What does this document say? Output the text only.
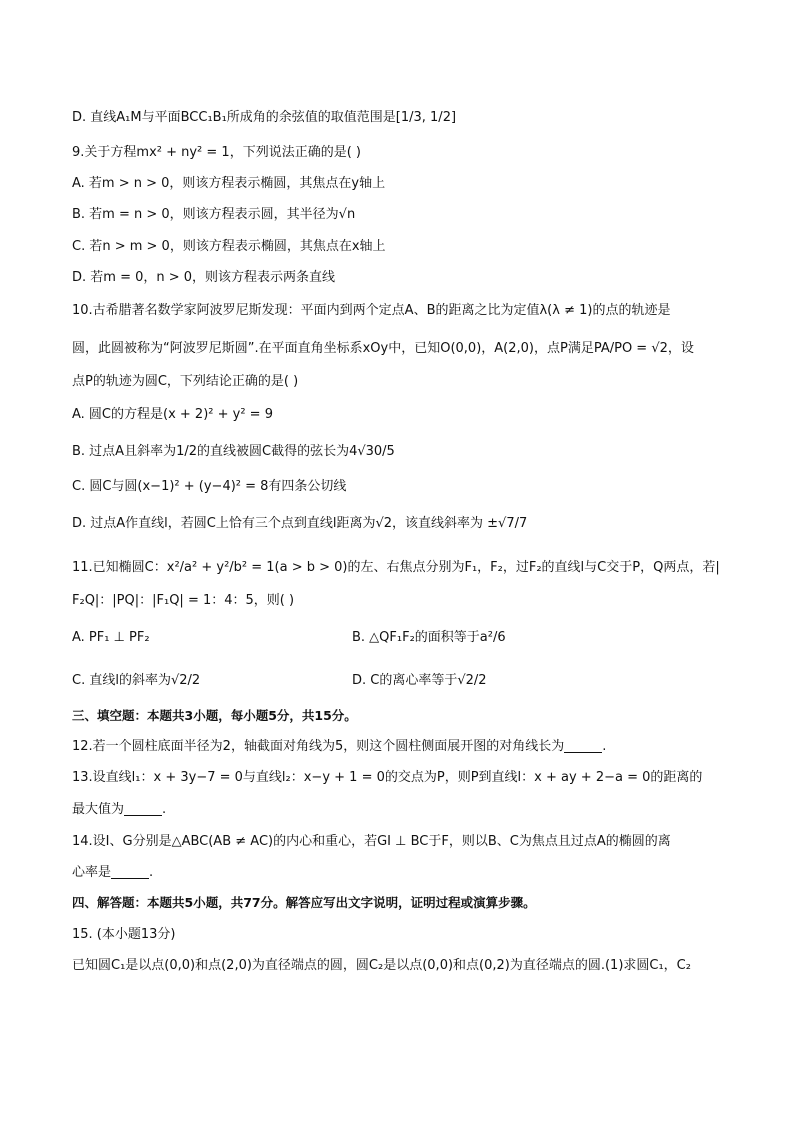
D. 直线A₁M与平面BCC₁B₁所成角的余弦值的取值范围是[1/3, 1/2]
9.关于方程mx² + ny² = 1，下列说法正确的是( )
A. 若m > n > 0，则该方程表示椭圆，其焦点在y轴上
B. 若m = n > 0，则该方程表示圆，其半径为√n
C. 若n > m > 0，则该方程表示椭圆，其焦点在x轴上
D. 若m = 0，n > 0，则该方程表示两条直线
10.古希腊著名数学家阿波罗尼斯发现：平面内到两个定点A、B的距离之比为定值λ(λ ≠ 1)的点的轨迹是
圆，此圆被称为“阿波罗尼斯圆”.在平面直角坐标系xOy中，已知O(0,0)，A(2,0)，点P满足PA/PO = √2，设
点P的轨迹为圆C，下列结论正确的是( )
A. 圆C的方程是(x + 2)² + y² = 9
B. 过点A且斜率为1/2的直线被圆C截得的弦长为4√30/5
C. 圆C与圆(x−1)² + (y−4)² = 8有四条公切线
D. 过点A作直线l，若圆C上恰有三个点到直线l距离为√2，该直线斜率为 ±√7/7
11.已知椭圆C：x²/a² + y²/b² = 1(a > b > 0)的左、右焦点分别为F₁，F₂，过F₂的直线l与C交于P，Q两点，若|
F₂Q|：|PQ|：|F₁Q| = 1：4：5，则( )
A. PF₁ ⊥ PF₂	B. △QF₁F₂的面积等于a²/6
C. 直线l的斜率为√2/2	D. C的离心率等于√2/2
三、填空题：本题共3小题，每小题5分，共15分。
12.若一个圆柱底面半径为2，轴截面对角线为5，则这个圆柱侧面展开图的对角线长为	.
13.设直线l₁：x + 3y−7 = 0与直线l₂：x−y + 1 = 0的交点为P，则P到直线l：x + ay + 2−a = 0的距离的
最大值为	.
14.设I、G分别是△ABC(AB ≠ AC)的内心和重心，若GI ⊥ BC于F，则以B、C为焦点且过点A的椭圆的离
心率是	.
四、解答题：本题共5小题，共77分。解答应写出文字说明，证明过程或演算步骤。
15. (本小题13分)
已知圆C₁是以点(0,0)和点(2,0)为直径端点的圆，圆C₂是以点(0,0)和点(0,2)为直径端点的圆.(1)求圆C₁，C₂
